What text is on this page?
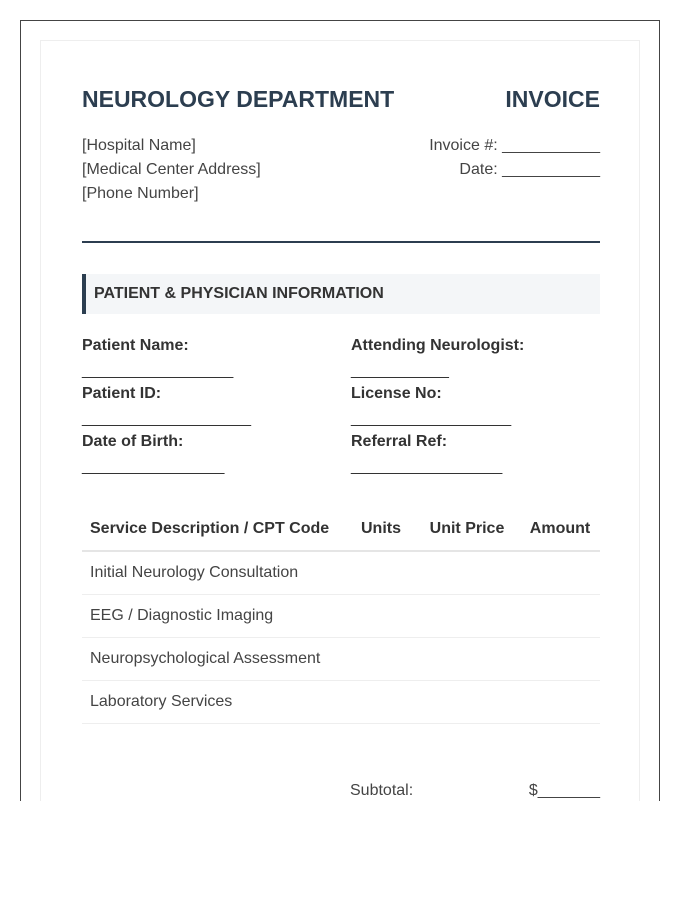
NEUROLOGY DEPARTMENT	INVOICE
[Hospital Name]
[Medical Center Address]
[Phone Number]
Invoice #: ___________
Date: ___________
PATIENT & PHYSICIAN INFORMATION
Patient Name:
_________________
Attending Neurologist:
___________
Patient ID:
___________________
License No:
__________________
Date of Birth:
________________
Referral Ref:
_________________
Service Description / CPT Code	Units	Unit Price	Amount
Initial Neurology Consultation			
EEG / Diagnostic Imaging			
Neuropsychological Assessment			
Laboratory Services			
Subtotal:	$_______
